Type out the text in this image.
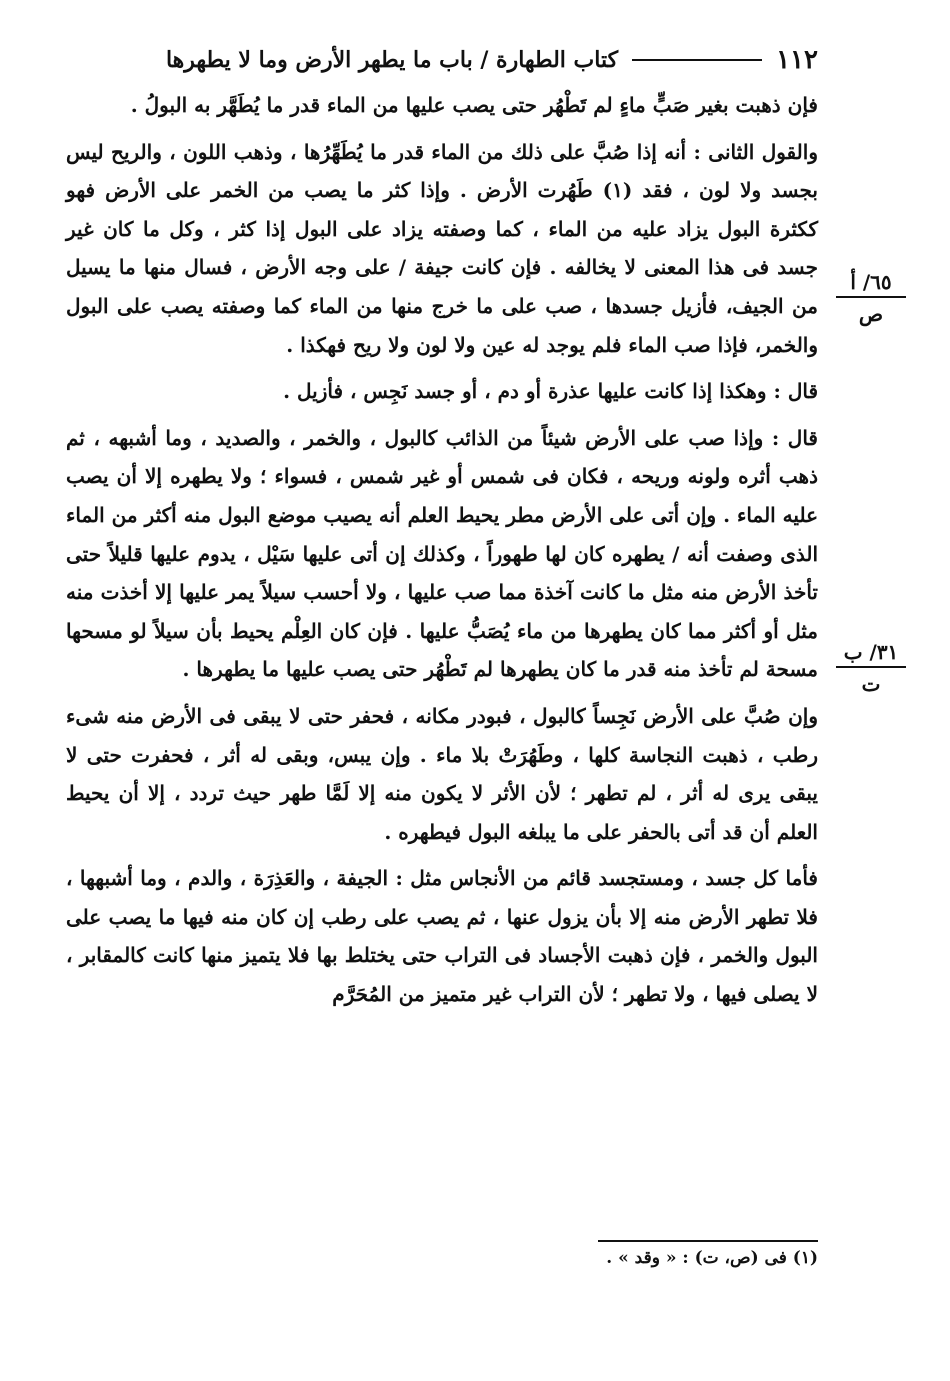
١١٢
كتاب الطهارة / باب ما يطهر الأرض وما لا يطهرها

فإن ذهبت بغير صَبٍّ ماءٍ لم تَطْهُر حتى يصب عليها من الماء قدر ما يُطَهَّر به البولُ .

والقول الثانى : أنه إذا صُبَّ على ذلك من الماء قدر ما يُطَهِّرُها ، وذهب اللون ، والريح ليس بجسد ولا لون ، فقد (١) طَهُرت الأرض . وإذا كثر ما يصب من الخمر على الأرض فهو ككثرة البول يزاد عليه من الماء ، كما وصفته يزاد على البول إذا كثر ، وكل ما كان غير جسد فى هذا المعنى لا يخالفه . فإن كانت جيفة / على وجه الأرض ، فسال منها ما يسيل من الجيف، فأزيل جسدها ، صب على ما خرج منها من الماء كما وصفته يصب على البول والخمر، فإذا صب الماء فلم يوجد له عين ولا لون ولا ريح فهكذا .

قال : وهكذا إذا كانت عليها عذرة أو دم ، أو جسد نَجِس ، فأزيل .

قال : وإذا صب على الأرض شيئاً من الذائب كالبول ، والخمر ، والصديد ، وما أشبهه ، ثم ذهب أثره ولونه وريحه ، فكان فى شمس أو غير شمس ، فسواء ؛ ولا يطهره إلا أن يصب عليه الماء . وإن أتى على الأرض مطر يحيط العلم أنه يصيب موضع البول منه أكثر من الماء الذى وصفت أنه / يطهره كان لها طهوراً ، وكذلك إن أتى عليها سَيْل ، يدوم عليها قليلاً حتى تأخذ الأرض منه مثل ما كانت آخذة مما صب عليها ، ولا أحسب سيلاً يمر عليها إلا أخذت منه مثل أو أكثر مما كان يطهرها من ماء يُصَبُّ عليها . فإن كان العِلْم يحيط بأن سيلاً لو مسحها مسحة لم تأخذ منه قدر ما كان يطهرها لم تَطْهُر حتى يصب عليها ما يطهرها .

وإن صُبَّ على الأرض نَجِساً كالبول ، فبودر مكانه ، فحفر حتى لا يبقى فى الأرض منه شىء رطب ، ذهبت النجاسة كلها ، وطَهُرَتْ بلا ماء . وإن يبس، وبقى له أثر ، فحفرت حتى لا يبقى يرى له أثر ، لم تطهر ؛ لأن الأثر لا يكون منه إلا لَمَّا طهر حيث تردد ، إلا أن يحيط العلم أن قد أتى بالحفر على ما يبلغه البول فيطهره .

فأما كل جسد ، ومستجسد قائم من الأنجاس مثل : الجيفة ، والعَذِرَة ، والدم ، وما أشبهها ، فلا تطهر الأرض منه إلا بأن يزول عنها ، ثم يصب على رطب إن كان منه فيها ما يصب على البول والخمر ، فإن ذهبت الأجساد فى التراب حتى يختلط بها فلا يتميز منها كانت كالمقابر ، لا يصلى فيها ، ولا تطهر ؛ لأن التراب غير متميز من المُحَرَّم

٦٥/ أ
ص
٣١/ ب
ت
(١) فى (ص، ت) : « وقد » .
